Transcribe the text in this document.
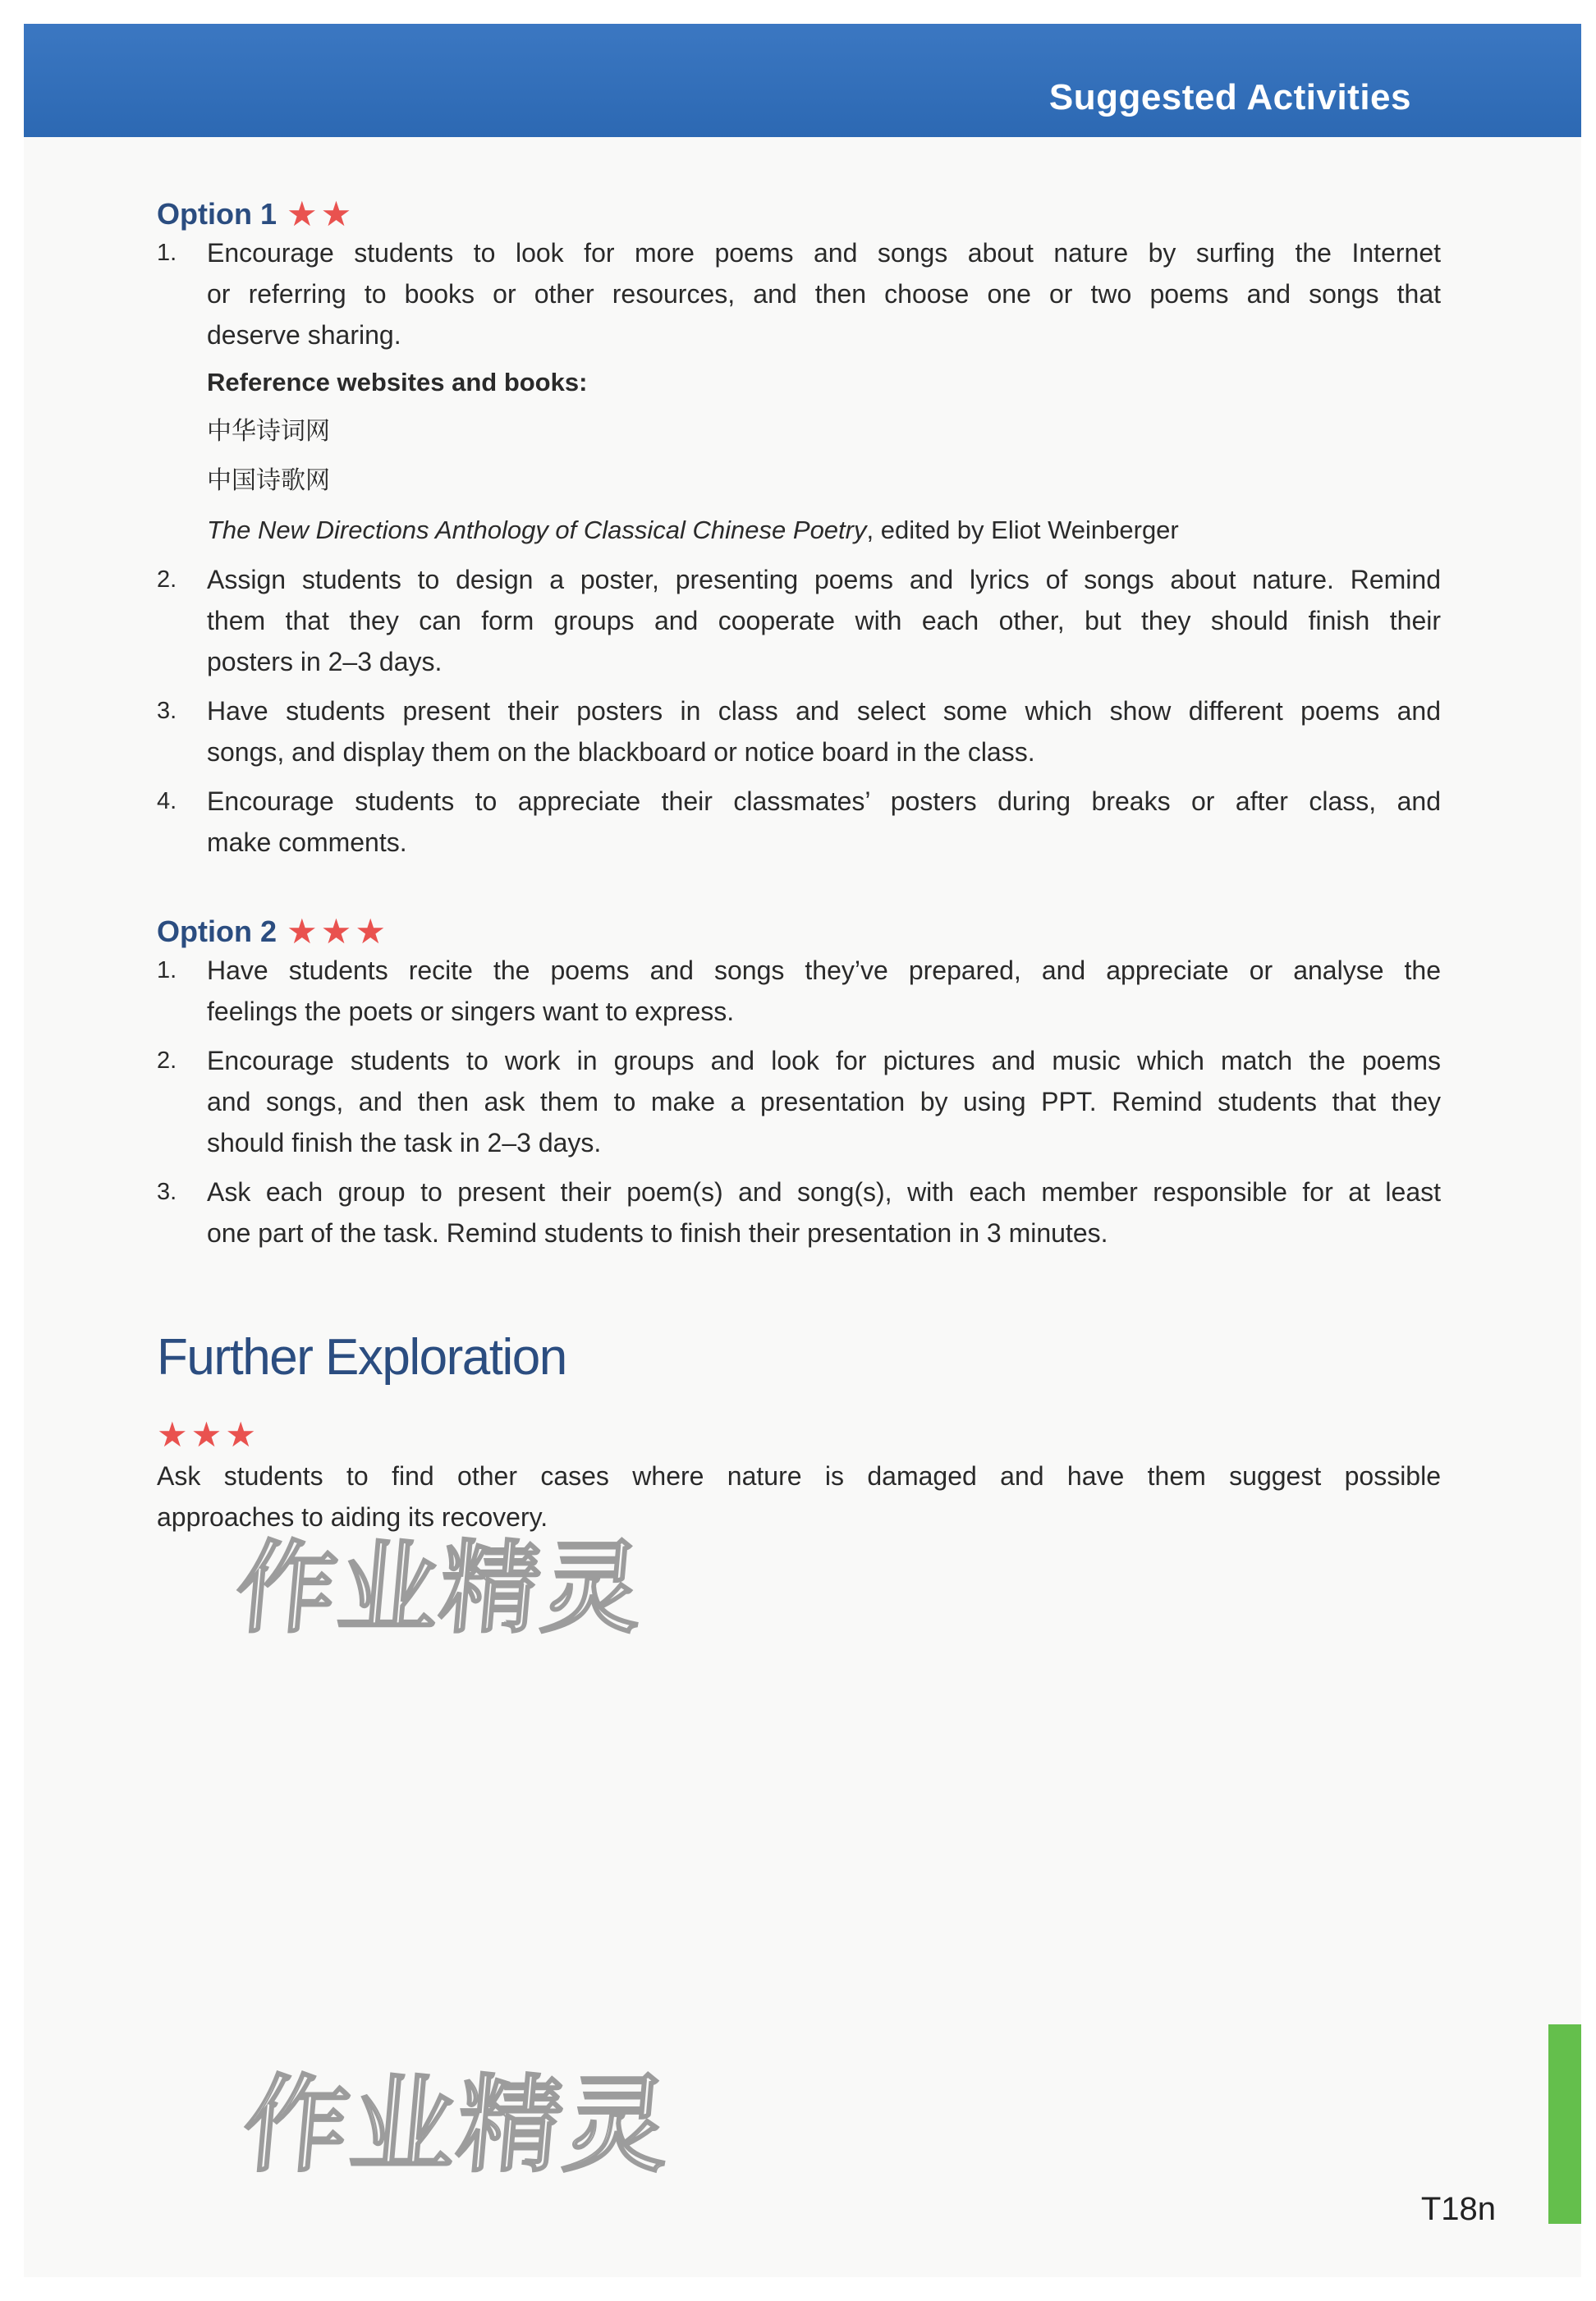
Suggested Activities
Option 1 ★★
1.	Encourage students to look for more poems and songs about nature by surfing the Internet
or referring to books or other resources, and then choose one or two poems and songs that
deserve sharing.
Reference websites and books:
中华诗词网
中国诗歌网
The New Directions Anthology of Classical Chinese Poetry, edited by Eliot Weinberger
2.	Assign students to design a poster, presenting poems and lyrics of songs about nature. Remind
them that they can form groups and cooperate with each other, but they should finish their
posters in 2–3 days.
3.	Have students present their posters in class and select some which show different poems and
songs, and display them on the blackboard or notice board in the class.
4.	Encourage students to appreciate their classmates’ posters during breaks or after class, and
make comments.
Option 2 ★★★
1.	Have students recite the poems and songs they’ve prepared, and appreciate or analyse the
feelings the poets or singers want to express.
2.	Encourage students to work in groups and look for pictures and music which match the poems
and songs, and then ask them to make a presentation by using PPT. Remind students that they
should finish the task in 2–3 days.
3.	Ask each group to present their poem(s) and song(s), with each member responsible for at least
one part of the task. Remind students to finish their presentation in 3 minutes.
Further Exploration
★★★
Ask students to find other cases where nature is damaged and have them suggest possible
approaches to aiding its recovery.
作业精灵
作业精灵
T18n
